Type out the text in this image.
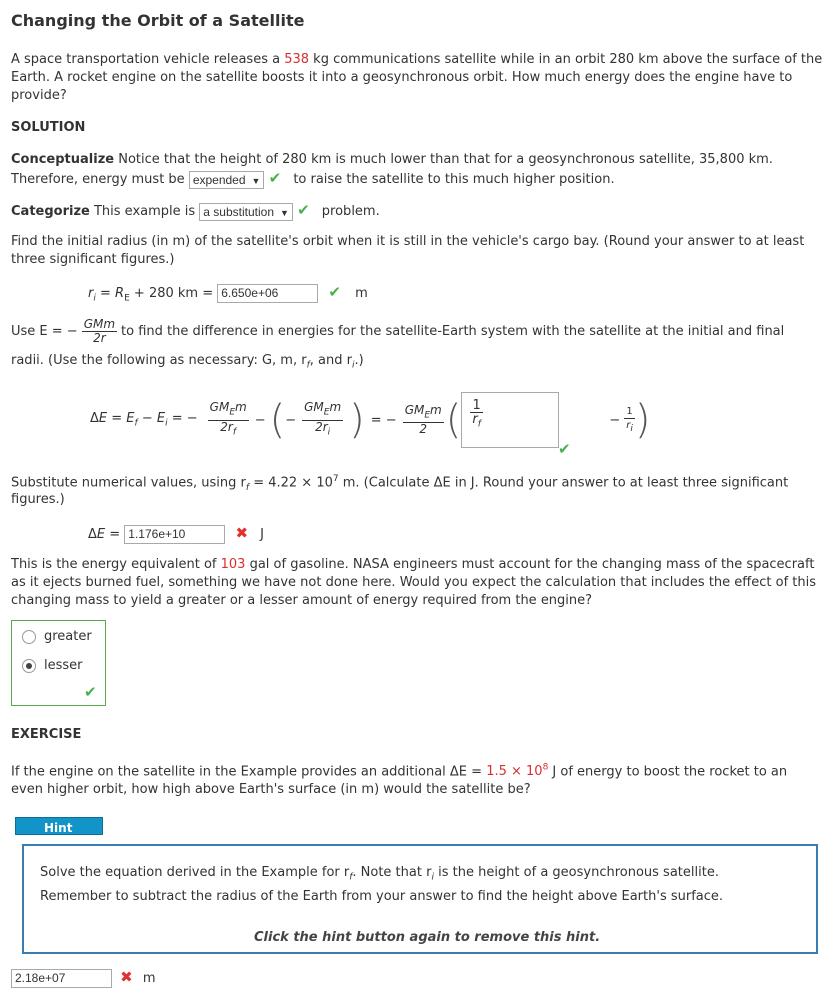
Changing the Orbit of a Satellite
A space transportation vehicle releases a 538 kg communications satellite while in an orbit 280 km above the surface of the
Earth. A rocket engine on the satellite boosts it into a geosynchronous orbit. How much energy does the engine have to
provide?
SOLUTION
Conceptualize Notice that the height of 280 km is much lower than that for a geosynchronous satellite, 35,800 km.
Therefore, energy must be expended ▼ ✔ to raise the satellite to this much higher position.
Categorize This example is a substitution ▼ ✔ problem.
Find the initial radius (in m) of the satellite's orbit when it is still in the vehicle's cargo bay. (Round your answer to at least
three significant figures.)
$r_i = R_E + 280$ km = 6.650e+06	✔ m
Use E = − $\frac{\text{GMm}}{2r}$ to find the difference in energies for the satellite-Earth system with the satellite at the initial and final
radii. (Use the following as necessary: G, m, $r_f$, and $r_i$.)
$\Delta E = E_f - E_i$ = − $\frac{GM_Em}{2r_f}$ − ( − $\frac{GM_Em}{2r_i}$ ) = − $\frac{GM_Em}{2}$ ( $\frac{1}{r_f}$	− $\frac{1}{r_i}$ )
✔
Substitute numerical values, using $r_f = 4.22 \times 10^7$ m. (Calculate ΔE in J. Round your answer to at least three significant
figures.)
ΔE = 1.176e+10	✖ J
This is the energy equivalent of 103 gal of gasoline. NASA engineers must account for the changing mass of the spacecraft
as it ejects burned fuel, something we have not done here. Would you expect the calculation that includes the effect of this
changing mass to yield a greater or a lesser amount of energy required from the engine?
greater
lesser
✔
EXERCISE
If the engine on the satellite in the Example provides an additional $\Delta E = 1.5 \times 10^8$ J of energy to boost the rocket to an
even higher orbit, how high above Earth's surface (in m) would the satellite be?
Hint
Solve the equation derived in the Example for $r_f$. Note that $r_i$ is the height of a geosynchronous satellite.
Remember to subtract the radius of the Earth from your answer to find the height above Earth's surface.
Click the hint button again to remove this hint.
2.18e+07	✖ m
